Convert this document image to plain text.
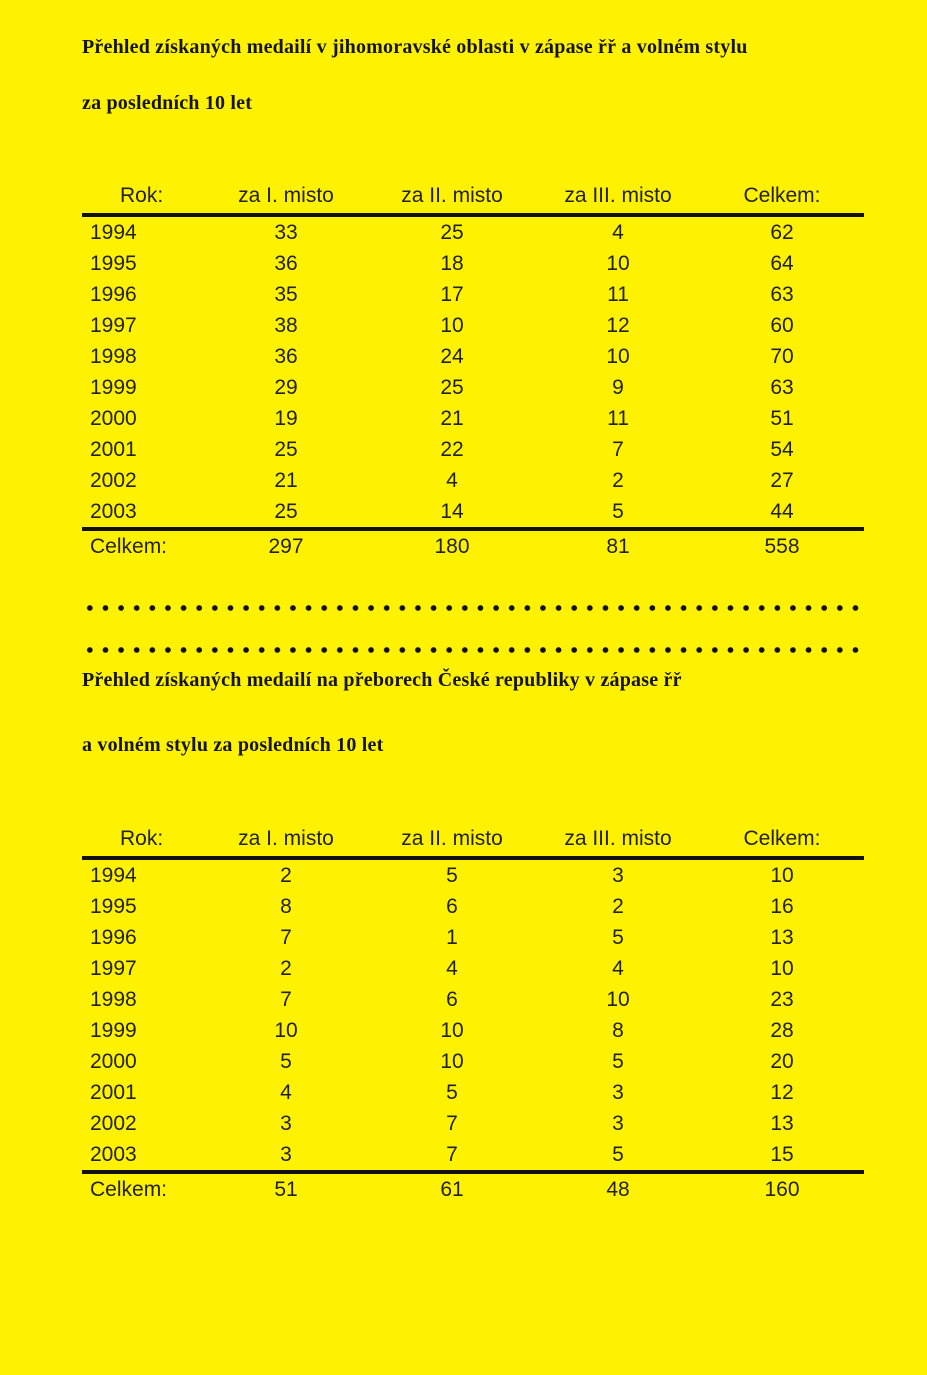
Přehled získaných medailí v jihomoravské oblasti v zápase řř a volném stylu
za posledních 10 let
Rok:	za I. misto	za II. misto	za III. misto	Celkem:
1994	33	25	4	62
1995	36	18	10	64
1996	35	17	11	63
1997	38	10	12	60
1998	36	24	10	70
1999	29	25	9	63
2000	19	21	11	51
2001	25	22	7	54
2002	21	4	2	27
2003	25	14	5	44
Celkem:	297	180	81	558
Přehled získaných medailí na přeborech České republiky v zápase řř
a volném stylu za posledních 10 let
Rok:	za I. misto	za II. misto	za III. misto	Celkem:
1994	2	5	3	10
1995	8	6	2	16
1996	7	1	5	13
1997	2	4	4	10
1998	7	6	10	23
1999	10	10	8	28
2000	5	10	5	20
2001	4	5	3	12
2002	3	7	3	13
2003	3	7	5	15
Celkem:	51	61	48	160
